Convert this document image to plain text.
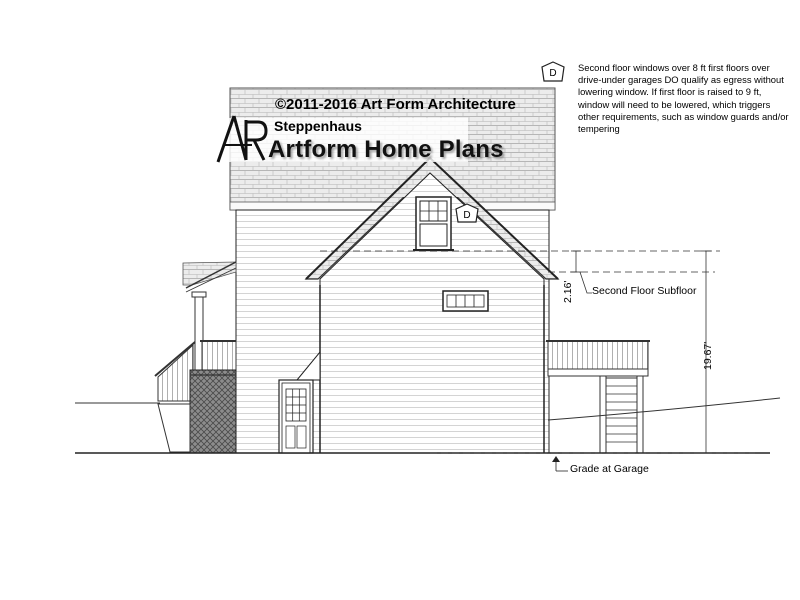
D
D
©2011-2016 Art Form Architecture
Steppenhaus
Artform Home Plans
Second floor windows over 8 ft first floors over drive-under garages DO qualify as egress without lowering window. If first floor is raised to 9 ft, window will need to be lowered, which triggers other requirements, such as window guards and/or tempering
Second Floor Subfloor
Grade at Garage
19.67'
2.16'
